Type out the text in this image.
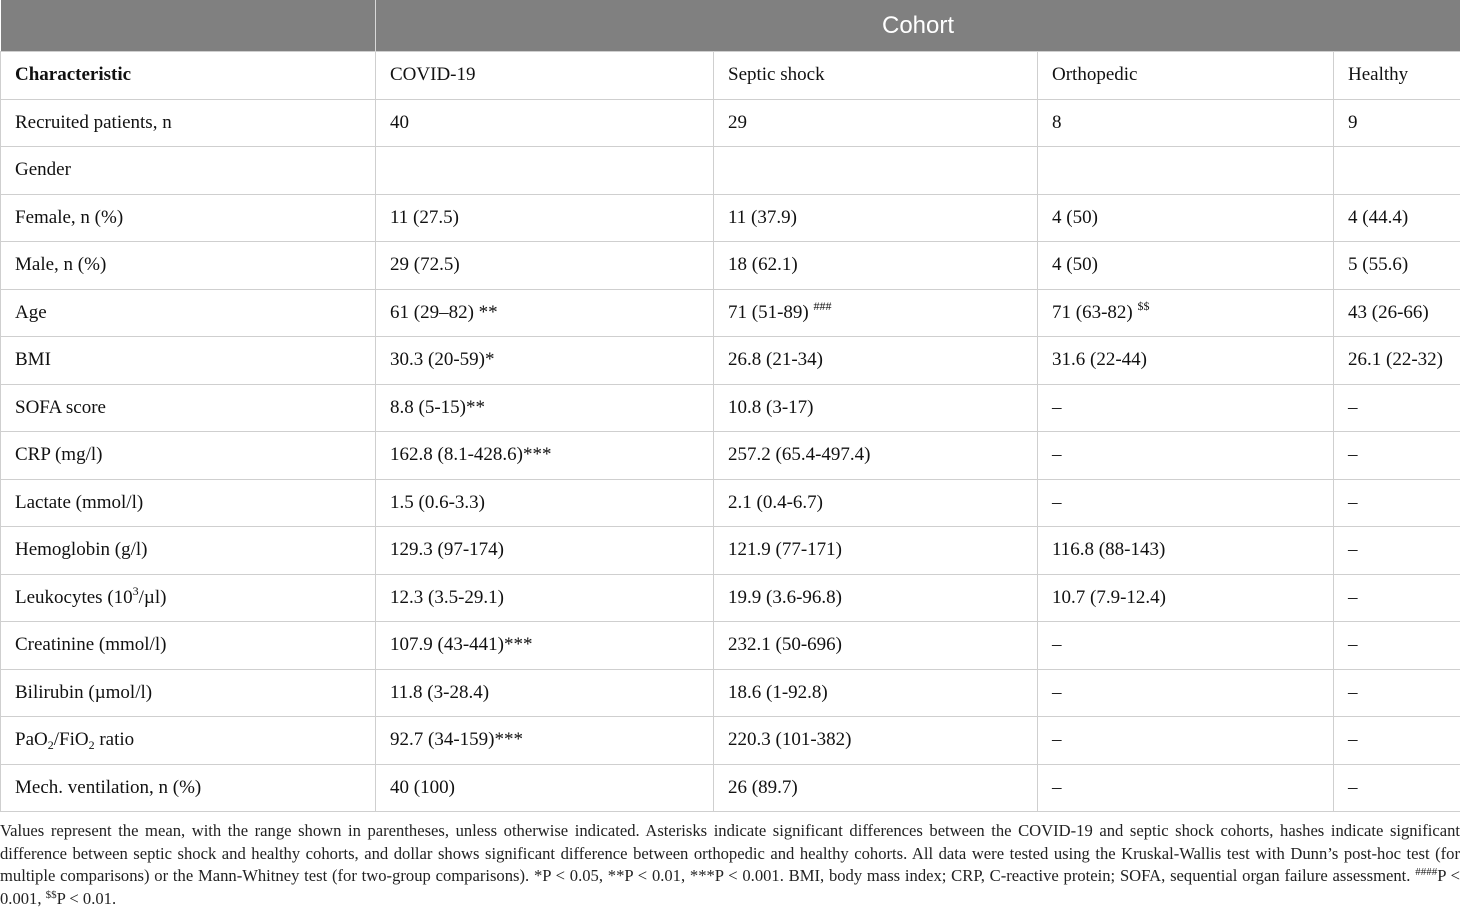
	Cohort			
Characteristic	COVID-19	Septic shock	Orthopedic	Healthy
Recruited patients, n	40	29	8	9
Gender				
Female, n (%)	11 (27.5)	11 (37.9)	4 (50)	4 (44.4)
Male, n (%)	29 (72.5)	18 (62.1)	4 (50)	5 (55.6)
Age	61 (29–82) **	71 (51-89) ###	71 (63-82) $$	43 (26-66)
BMI	30.3 (20-59)*	26.8 (21-34)	31.6 (22-44)	26.1 (22-32)
SOFA score	8.8 (5-15)**	10.8 (3-17)	–	–
CRP (mg/l)	162.8 (8.1-428.6)***	257.2 (65.4-497.4)	–	–
Lactate (mmol/l)	1.5 (0.6-3.3)	2.1 (0.4-6.7)	–	–
Hemoglobin (g/l)	129.3 (97-174)	121.9 (77-171)	116.8 (88-143)	–
Leukocytes $(10^3/\mu l)$	12.3 (3.5-29.1)	19.9 (3.6-96.8)	10.7 (7.9-12.4)	–
Creatinine (mmol/l)	107.9 (43-441)***	232.1 (50-696)	–	–
Bilirubin (µmol/l)	11.8 (3-28.4)	18.6 (1-92.8)	–	–
PaO$_2$/FiO$_2$ ratio	92.7 (34-159)***	220.3 (101-382)	–	–
Mech. ventilation, n (%)	40 (100)	26 (89.7)	–	–

Values represent the mean, with the range shown in parentheses, unless otherwise indicated. Asterisks indicate significant differences between the COVID-19 and septic shock cohorts, hashes indicate significant difference between septic shock and healthy cohorts, and dollar shows significant difference between orthopedic and healthy cohorts. All data were tested using the Kruskal-Wallis test with Dunn’s post-hoc test (for multiple comparisons) or the Mann-Whitney test (for two-group comparisons). *P < 0.05, **P < 0.01, ***P < 0.001. BMI, body mass index; CRP, C-reactive protein; SOFA, sequential organ failure assessment. ####P < 0.001, $$P < 0.01.
